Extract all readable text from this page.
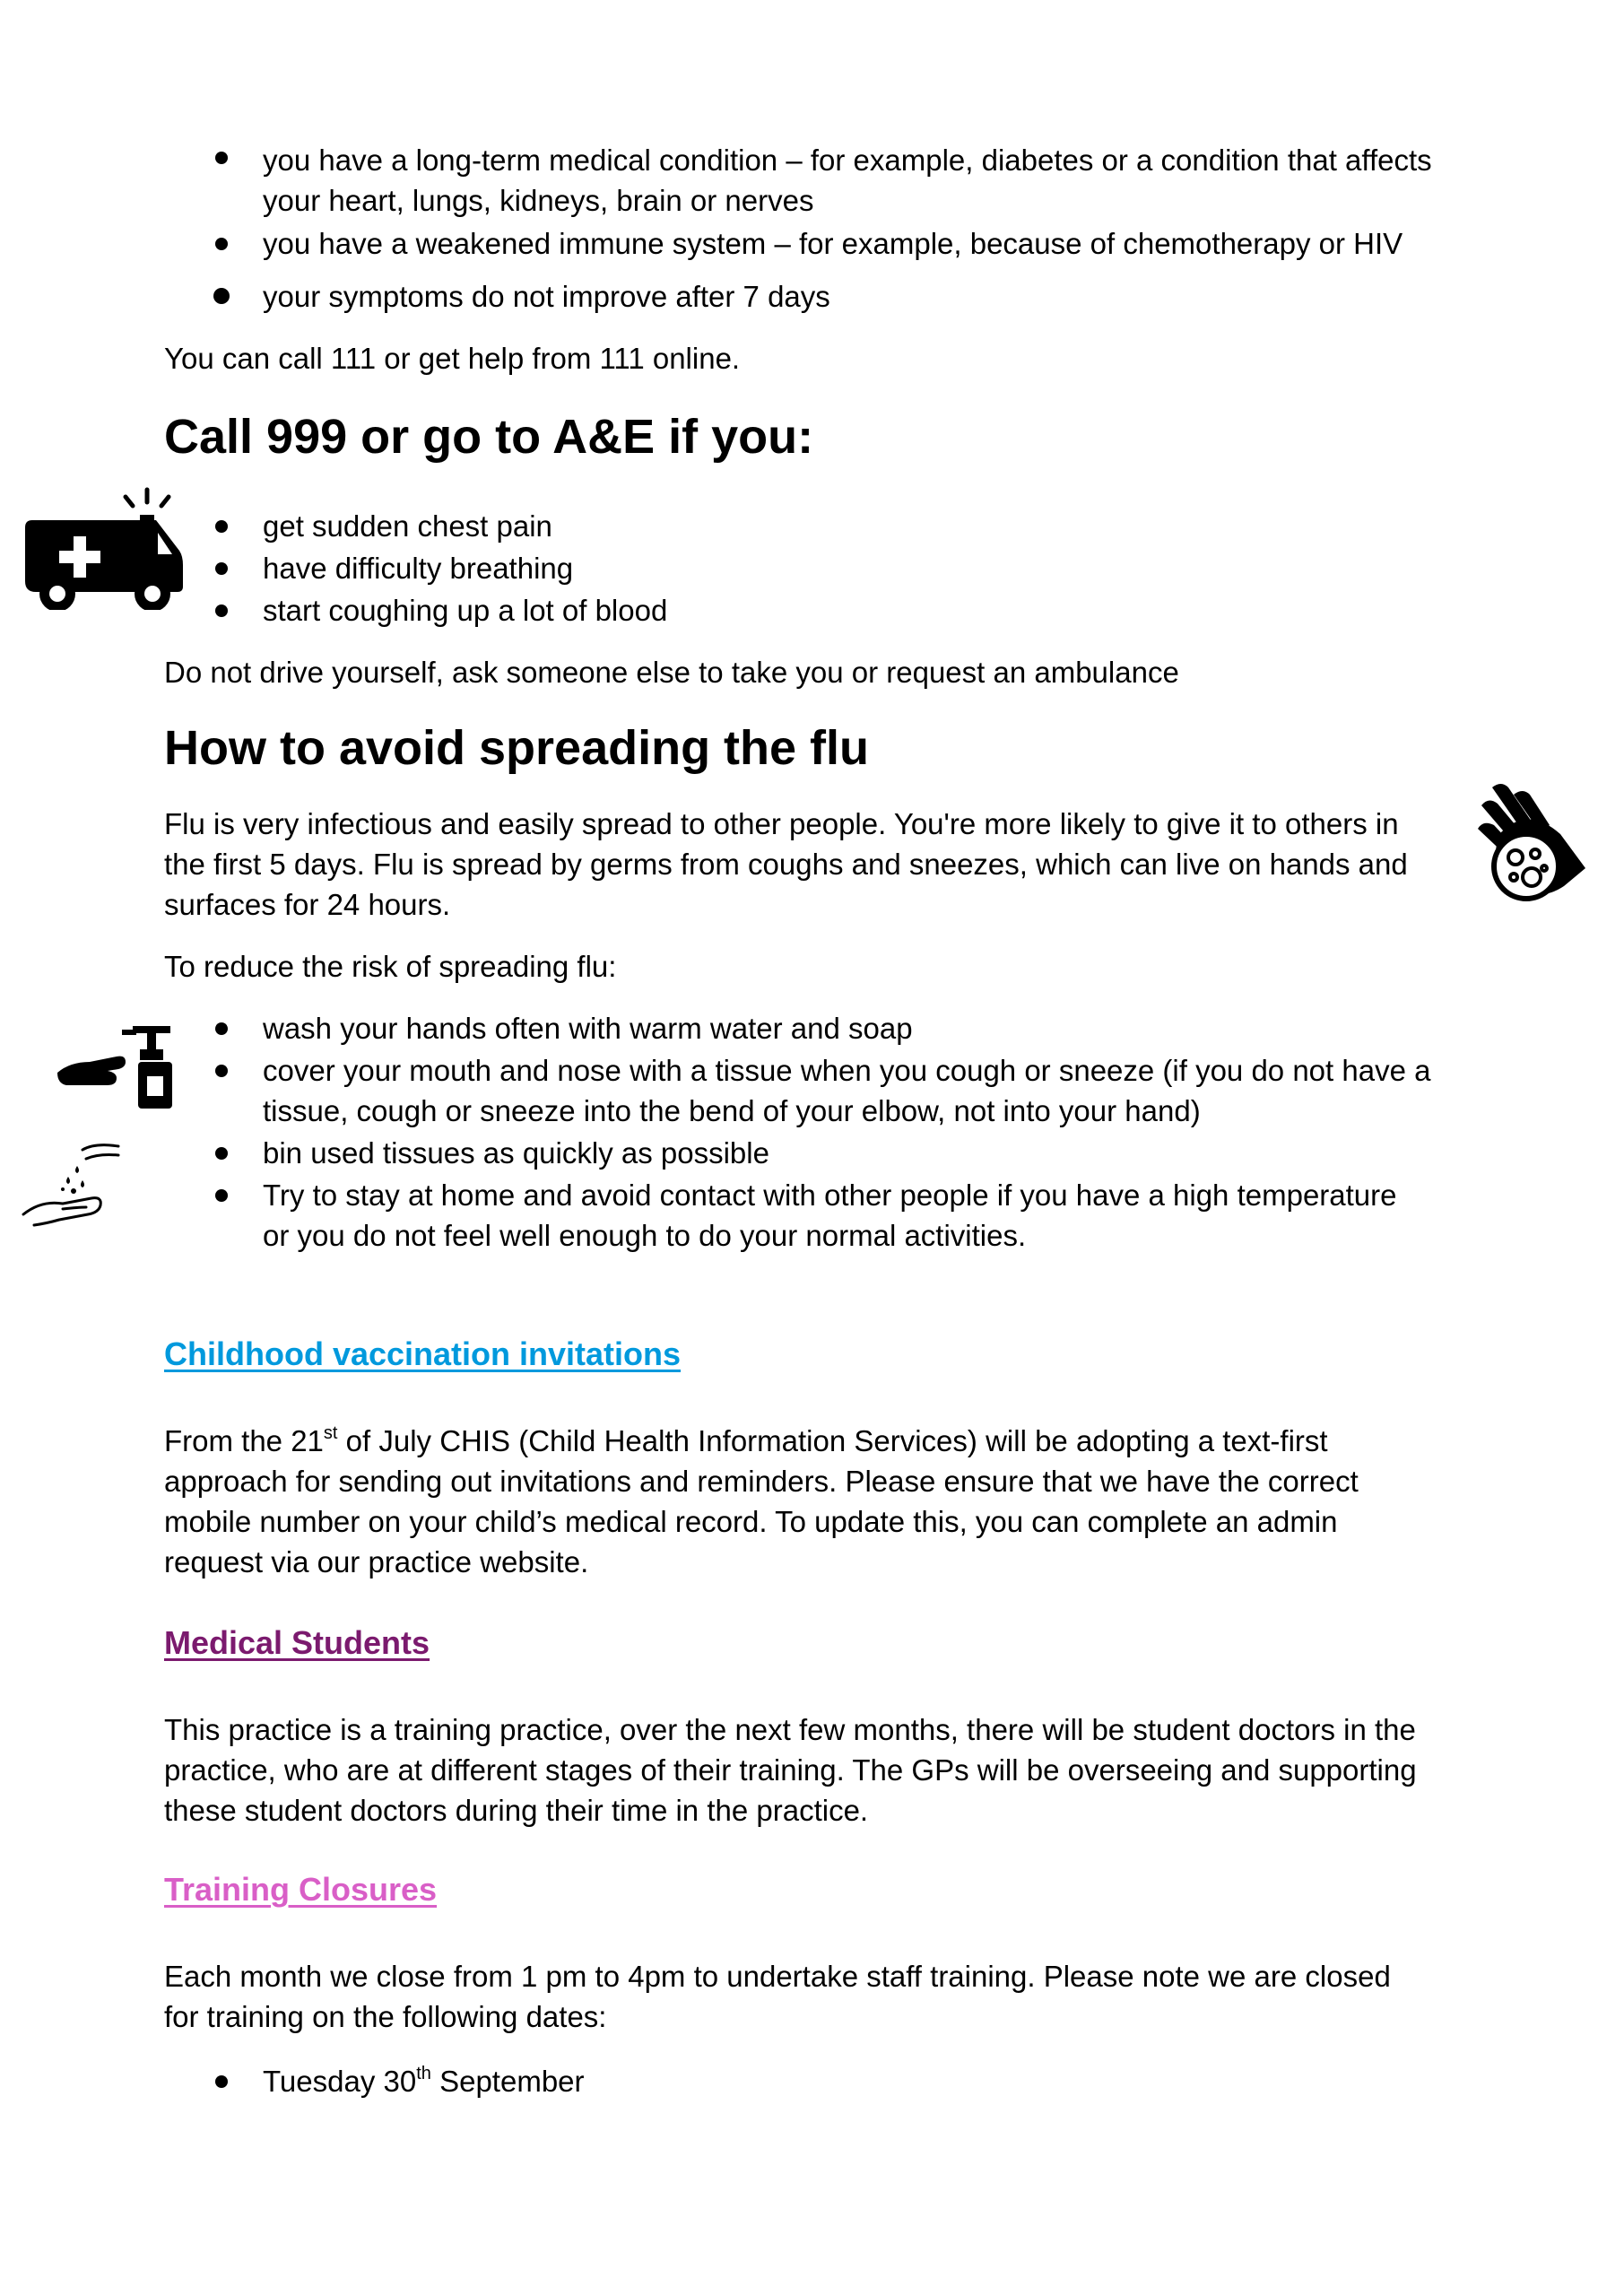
you have a long-term medical condition – for example, diabetes or a condition that affects

your heart, lungs, kidneys, brain or nerves

you have a weakened immune system – for example, because of chemotherapy or HIV

your symptoms do not improve after 7 days

You can call 111 or get help from 111 online.

Call 999 or go to A&E if you:

get sudden chest pain

have difficulty breathing

start coughing up a lot of blood

Do not drive yourself, ask someone else to take you or request an ambulance

How to avoid spreading the flu

Flu is very infectious and easily spread to other people. You're more likely to give it to others in

the first 5 days. Flu is spread by germs from coughs and sneezes, which can live on hands and

surfaces for 24 hours.

To reduce the risk of spreading flu:

wash your hands often with warm water and soap

cover your mouth and nose with a tissue when you cough or sneeze (if you do not have a

tissue, cough or sneeze into the bend of your elbow, not into your hand)

bin used tissues as quickly as possible

Try to stay at home and avoid contact with other people if you have a high temperature

or you do not feel well enough to do your normal activities.

Childhood vaccination invitations

From the 21st of July CHIS (Child Health Information Services) will be adopting a text-first

approach for sending out invitations and reminders. Please ensure that we have the correct

mobile number on your child’s medical record. To update this, you can complete an admin

request via our practice website.

Medical Students

This practice is a training practice, over the next few months, there will be student doctors in the

practice, who are at different stages of their training. The GPs will be overseeing and supporting

these student doctors during their time in the practice.

Training Closures

Each month we close from 1 pm to 4pm to undertake staff training. Please note we are closed

for training on the following dates:

Tuesday 30th September
